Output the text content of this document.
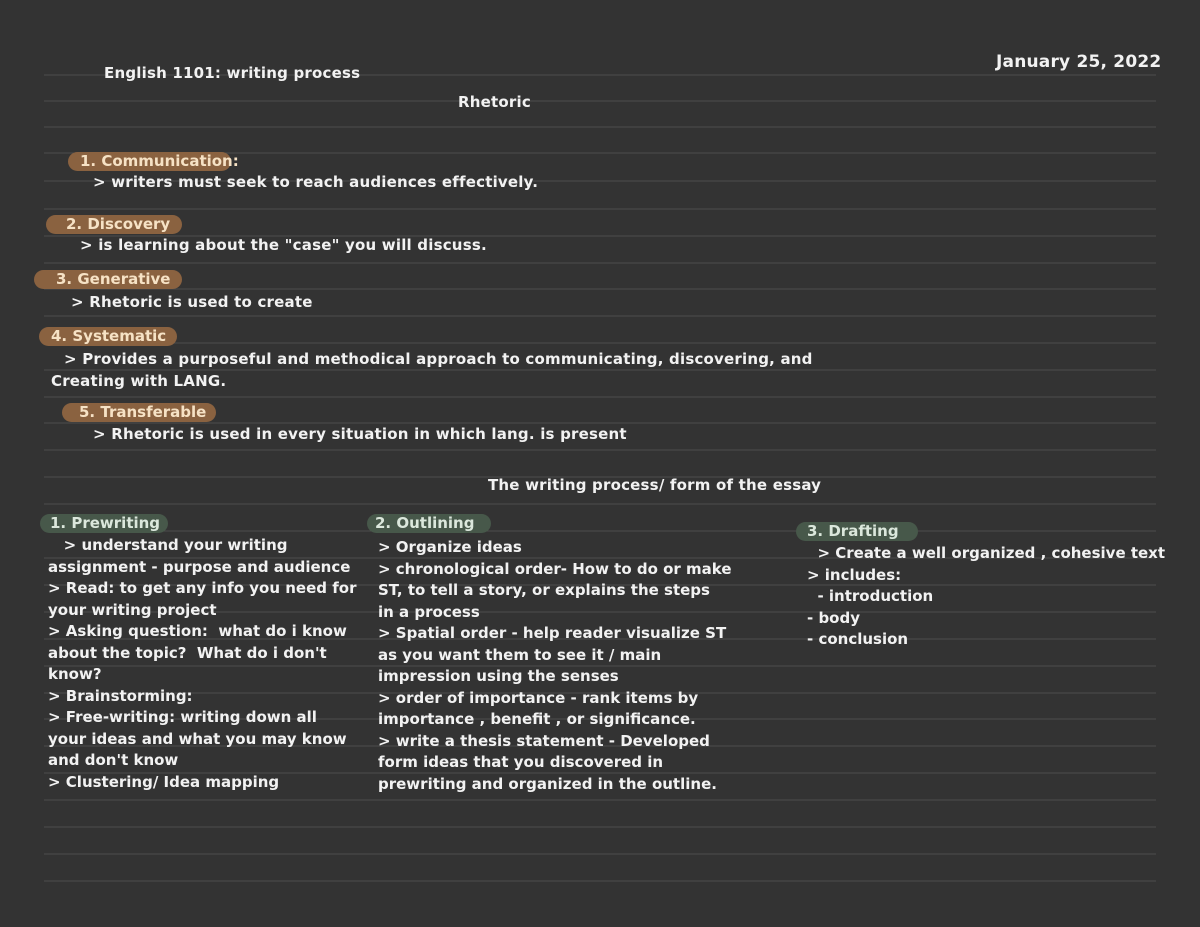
English 1101: writing process
January 25, 2022
Rhetoric
1. Communication:
> writers must seek to reach audiences effectively.
2. Discovery
> is learning about the "case" you will discuss.
3. Generative
> Rhetoric is used to create
4. Systematic
> Provides a purposeful and methodical approach to communicating, discovering, and
Creating with LANG.
5. Transferable
> Rhetoric is used in every situation in which lang. is present
The writing process/ form of the essay
1. Prewriting
> understand your writing
assignment - purpose and audience
> Read: to get any info you need for
your writing project
> Asking question:  what do i know
about the topic?  What do i don't
know?
> Brainstorming:
> Free-writing: writing down all
your ideas and what you may know
and don't know
> Clustering/ Idea mapping
2. Outlining
> Organize ideas
> chronological order- How to do or make
ST, to tell a story, or explains the steps
in a process
> Spatial order - help reader visualize ST
as you want them to see it / main
impression using the senses
> order of importance - rank items by
importance , benefit , or significance.
> write a thesis statement - Developed
form ideas that you discovered in
prewriting and organized in the outline.
3. Drafting
> Create a well organized , cohesive text
> includes:
- introduction
- body
- conclusion
